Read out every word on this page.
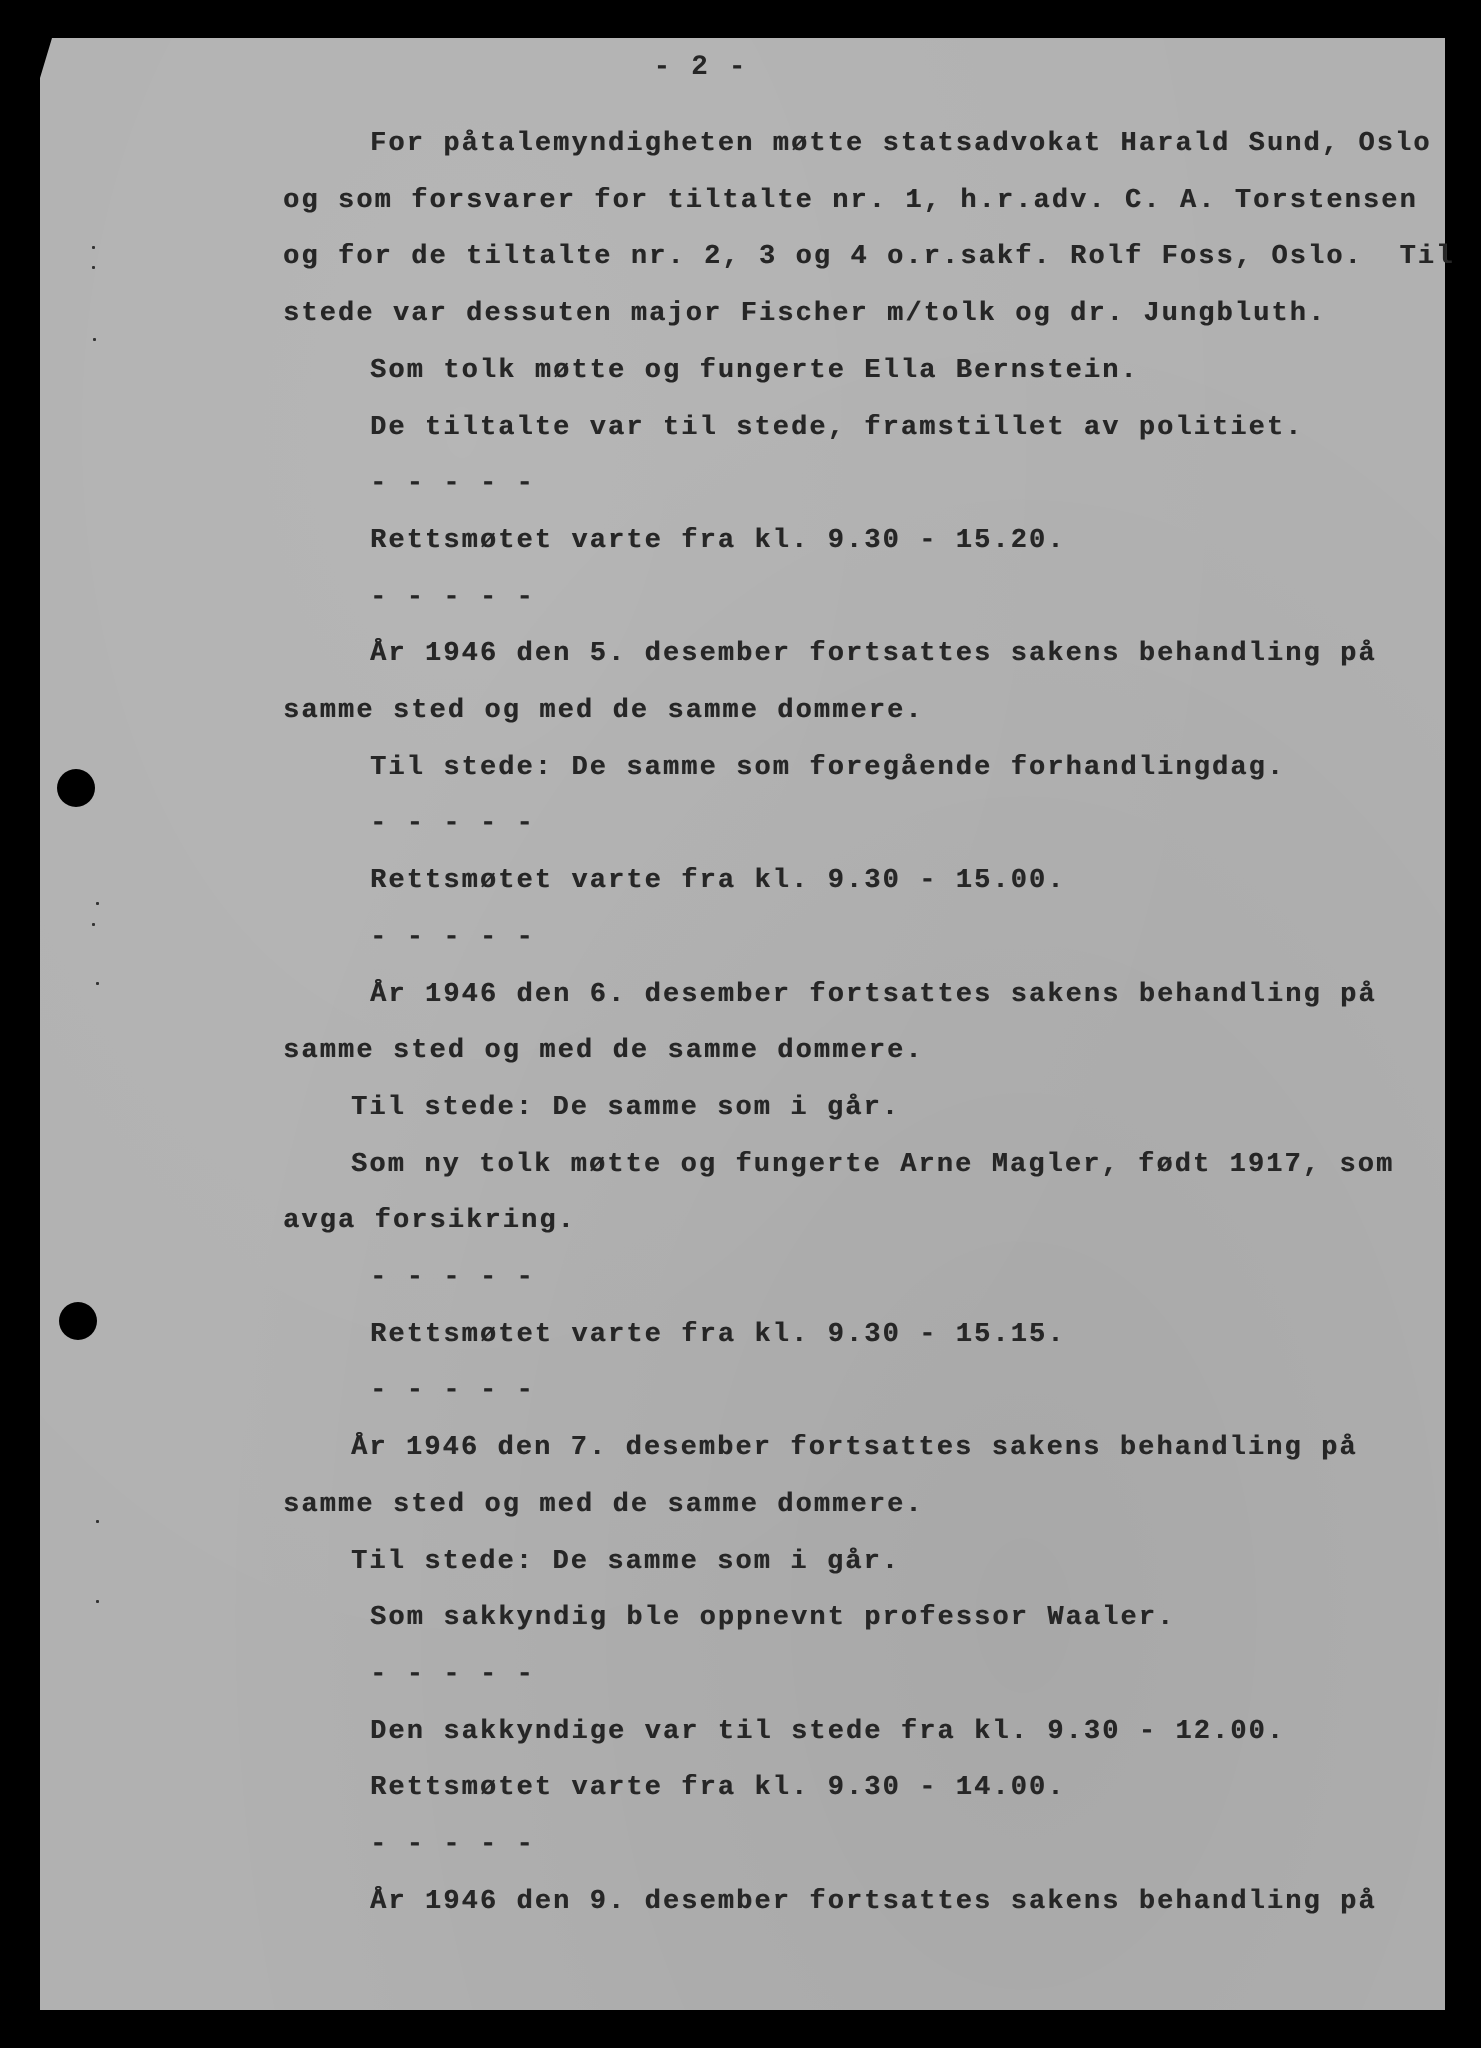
- 2 -
For påtalemyndigheten møtte statsadvokat Harald Sund, Oslo
og som forsvarer for tiltalte nr. 1, h.r.adv. C. A. Torstensen
og for de tiltalte nr. 2, 3 og 4 o.r.sakf. Rolf Foss, Oslo.  Til
stede var dessuten major Fischer m/tolk og dr. Jungbluth.
Som tolk møtte og fungerte Ella Bernstein.
De tiltalte var til stede, framstillet av politiet.
- - - - -
Rettsmøtet varte fra kl. 9.30 - 15.20.
- - - - -
År 1946 den 5. desember fortsattes sakens behandling på
samme sted og med de samme dommere.
Til stede: De samme som foregående forhandlingdag.
- - - - -
Rettsmøtet varte fra kl. 9.30 - 15.00.
- - - - -
År 1946 den 6. desember fortsattes sakens behandling på
samme sted og med de samme dommere.
Til stede: De samme som i går.
Som ny tolk møtte og fungerte Arne Magler, født 1917, som
avga forsikring.
- - - - -
Rettsmøtet varte fra kl. 9.30 - 15.15.
- - - - -
År 1946 den 7. desember fortsattes sakens behandling på
samme sted og med de samme dommere.
Til stede: De samme som i går.
Som sakkyndig ble oppnevnt professor Waaler.
- - - - -
Den sakkyndige var til stede fra kl. 9.30 - 12.00.
Rettsmøtet varte fra kl. 9.30 - 14.00.
- - - - -
År 1946 den 9. desember fortsattes sakens behandling på
